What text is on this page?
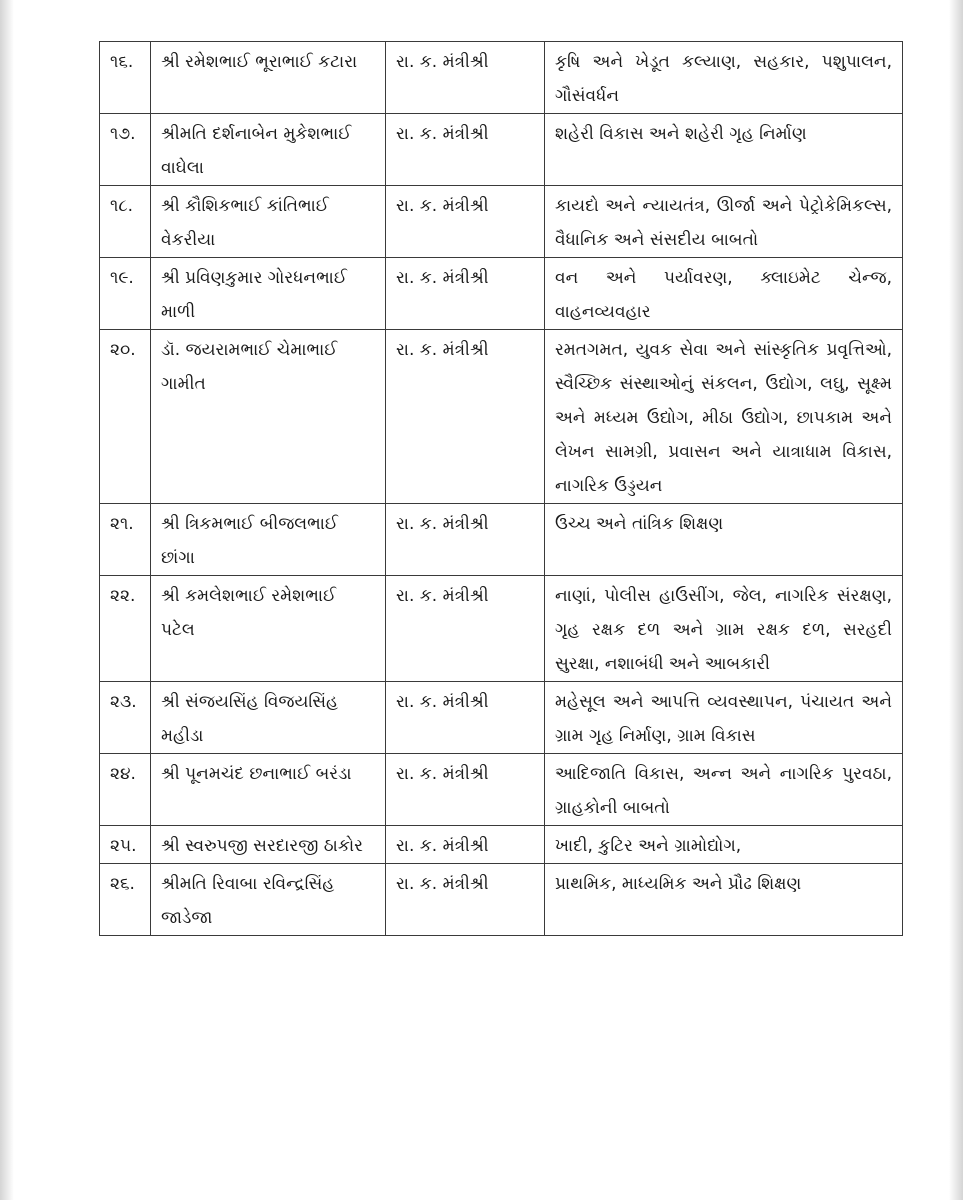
૧૬.	શ્રી રમેશભાઈ ભૂરાભાઈ કટારા	રા. ક. મંત્રીશ્રી	કૃષિ અને ખેડૂત કલ્યાણ, સહકાર, પશુપાલન, ગૌસંવર્ધન
૧૭.	શ્રીમતિ દર્શનાબેન મુકેશભાઈ વાઘેલા	રા. ક. મંત્રીશ્રી	શહેરી વિકાસ અને શહેરી ગૃહ નિર્માણ
૧૮.	શ્રી કૌશિકભાઈ કાંતિભાઈ વેકરીયા	રા. ક. મંત્રીશ્રી	કાયદો અને ન્યાયતંત્ર, ઊર્જા અને પેટ્રોકેમિકલ્સ, વૈધાનિક અને સંસદીય બાબતો
૧૯.	શ્રી પ્રવિણકુમાર ગોરધનભાઈ માળી	રા. ક. મંત્રીશ્રી	વન અને પર્યાવરણ, ક્લાઇમેટ ચેન્જ, વાહનવ્યવહાર
૨૦.	ડૉ. જયરામભાઈ ચેમાભાઈ ગામીત	રા. ક. મંત્રીશ્રી	રમતગમત, યુવક સેવા અને સાંસ્કૃતિક પ્રવૃત્તિઓ, સ્વૈચ્છિક સંસ્થાઓનું સંકલન, ઉદ્યોગ, લઘુ, સૂક્ષ્મ અને મધ્યમ ઉદ્યોગ, મીઠા ઉદ્યોગ, છાપકામ અને લેખન સામગ્રી, પ્રવાસન અને યાત્રાધામ વિકાસ, નાગરિક ઉડ્ડયન
૨૧.	શ્રી ત્રિકમભાઈ બીજલભાઈ છાંગા	રા. ક. મંત્રીશ્રી	ઉચ્ચ અને તાંત્રિક શિક્ષણ
૨૨.	શ્રી કમલેશભાઈ રમેશભાઈ પટેલ	રા. ક. મંત્રીશ્રી	નાણાં, પોલીસ હાઉસીંગ, જેલ, નાગરિક સંરક્ષણ, ગૃહ રક્ષક દળ અને ગ્રામ રક્ષક દળ, સરહદી સુરક્ષા, નશાબંધી અને આબકારી
૨૩.	શ્રી સંજયસિંહ વિજયસિંહ મહીડા	રા. ક. મંત્રીશ્રી	મહેસૂલ અને આપત્તિ વ્યવસ્થાપન, પંચાયત અને ગ્રામ ગૃહ નિર્માણ, ગ્રામ વિકાસ
૨૪.	શ્રી પૂનમચંદ છનાભાઈ બરંડા	રા. ક. મંત્રીશ્રી	આદિજાતિ વિકાસ, અન્ન અને નાગરિક પુરવઠા, ગ્રાહકોની બાબતો
૨૫.	શ્રી સ્વરુપજી સરદારજી ઠાકોર	રા. ક. મંત્રીશ્રી	ખાદી, કુટિર અને ગ્રામોદ્યોગ,
૨૬.	શ્રીમતિ રિવાબા રવિન્દ્રસિંહ જાડેજા	રા. ક. મંત્રીશ્રી	પ્રાથમિક, માધ્યમિક અને પ્રૌઢ શિક્ષણ
